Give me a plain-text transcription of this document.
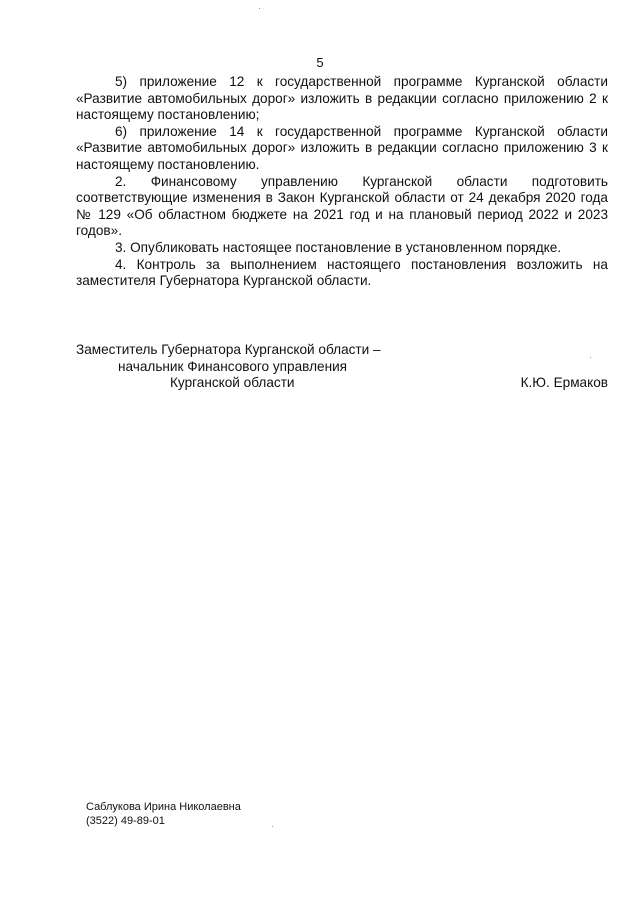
5

5) приложение 12 к государственной программе Курганской области «Развитие автомобильных дорог» изложить в редакции согласно приложению 2 к настоящему постановлению;

6) приложение 14 к государственной программе Курганской области «Развитие автомобильных дорог» изложить в редакции согласно приложению 3 к настоящему постановлению.

2. Финансовому управлению Курганской области подготовить соответствующие изменения в Закон Курганской области от 24 декабря 2020 года № 129 «Об областном бюджете на 2021 год и на плановый период 2022 и 2023 годов».

3. Опубликовать настоящее постановление в установленном порядке.

4. Контроль за выполнением настоящего постановления возложить на заместителя Губернатора Курганской области.

Заместитель Губернатора Курганской области –
начальник Финансового управления
Курганской области	К.Ю. Ермаков
Саблукова Ирина Николаевна
(3522) 49-89-01
